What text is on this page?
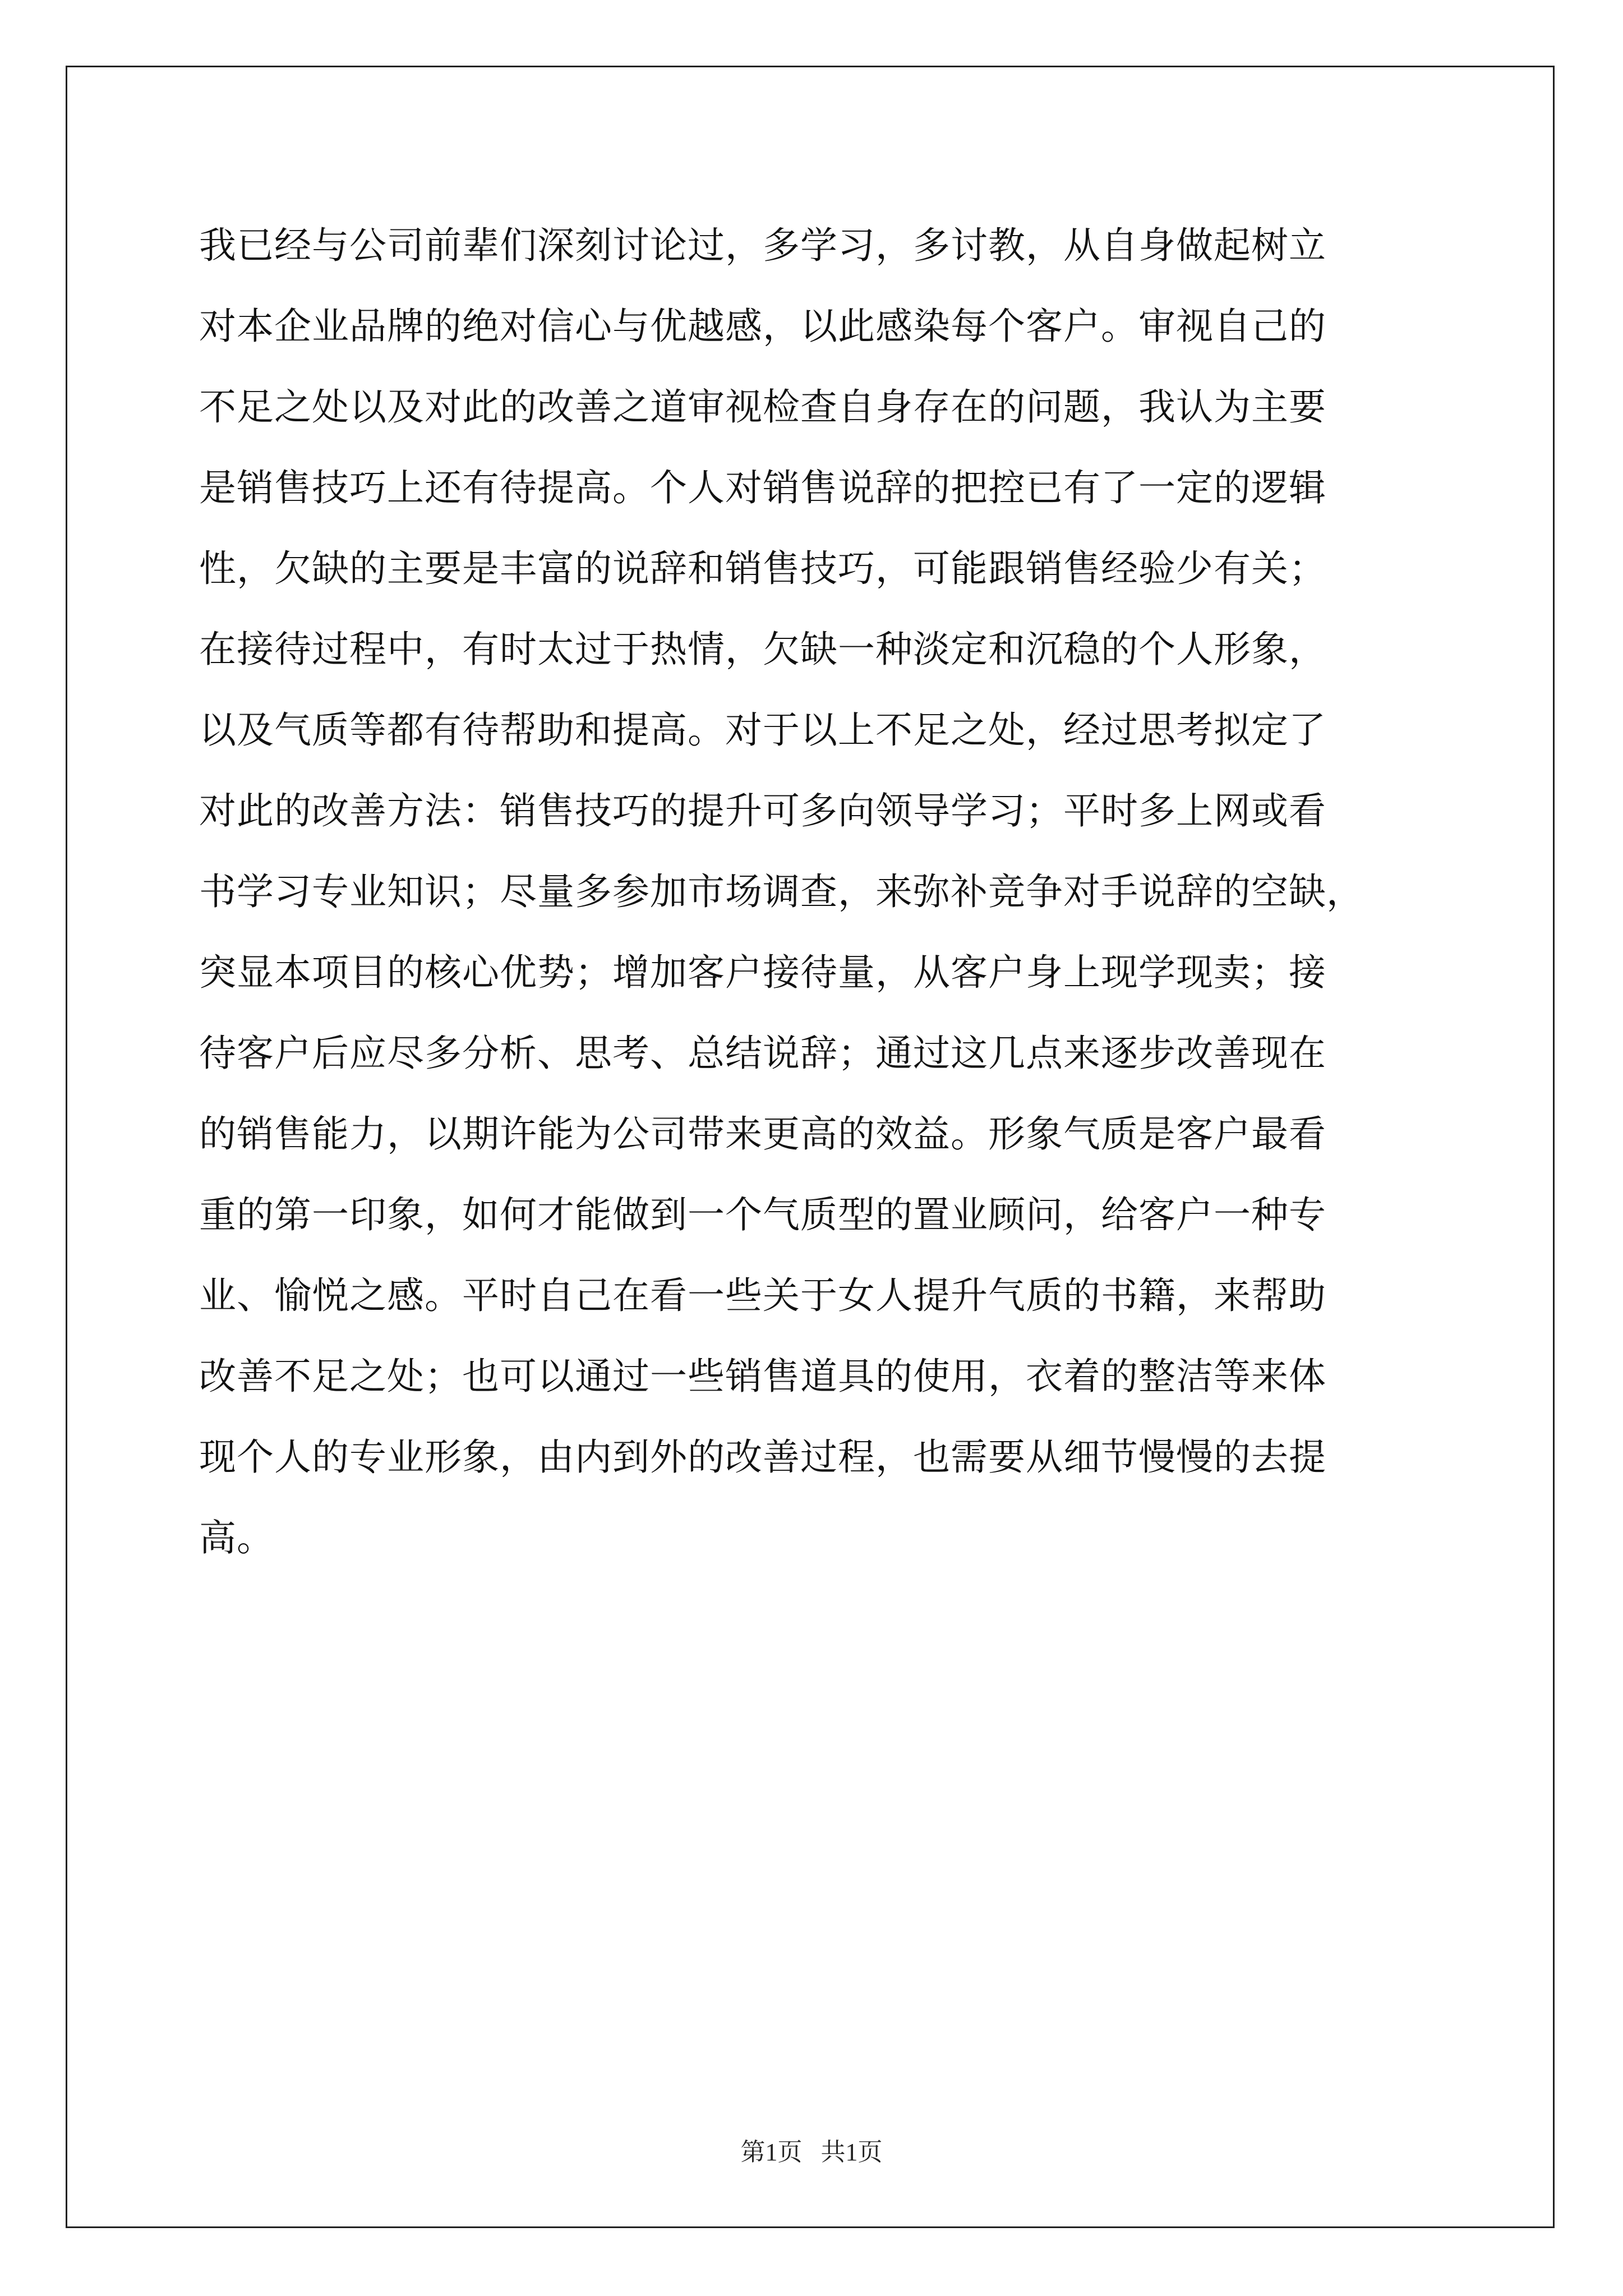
我已经与公司前辈们深刻讨论过，多学习，多讨教，从自身做起树立
对本企业品牌的绝对信心与优越感，以此感染每个客户。审视自己的
不足之处以及对此的改善之道审视检查自身存在的问题，我认为主要
是销售技巧上还有待提高。个人对销售说辞的把控已有了一定的逻辑
性，欠缺的主要是丰富的说辞和销售技巧，可能跟销售经验少有关；
在接待过程中，有时太过于热情，欠缺一种淡定和沉稳的个人形象，
以及气质等都有待帮助和提高。对于以上不足之处，经过思考拟定了
对此的改善方法：销售技巧的提升可多向领导学习；平时多上网或看
书学习专业知识；尽量多参加市场调查，来弥补竞争对手说辞的空缺，
突显本项目的核心优势；增加客户接待量，从客户身上现学现卖；接
待客户后应尽多分析、思考、总结说辞；通过这几点来逐步改善现在
的销售能力，以期许能为公司带来更高的效益。形象气质是客户最看
重的第一印象，如何才能做到一个气质型的置业顾问，给客户一种专
业、愉悦之感。平时自己在看一些关于女人提升气质的书籍，来帮助
改善不足之处；也可以通过一些销售道具的使用，衣着的整洁等来体
现个人的专业形象，由内到外的改善过程，也需要从细节慢慢的去提
高。
第1页 共1页
